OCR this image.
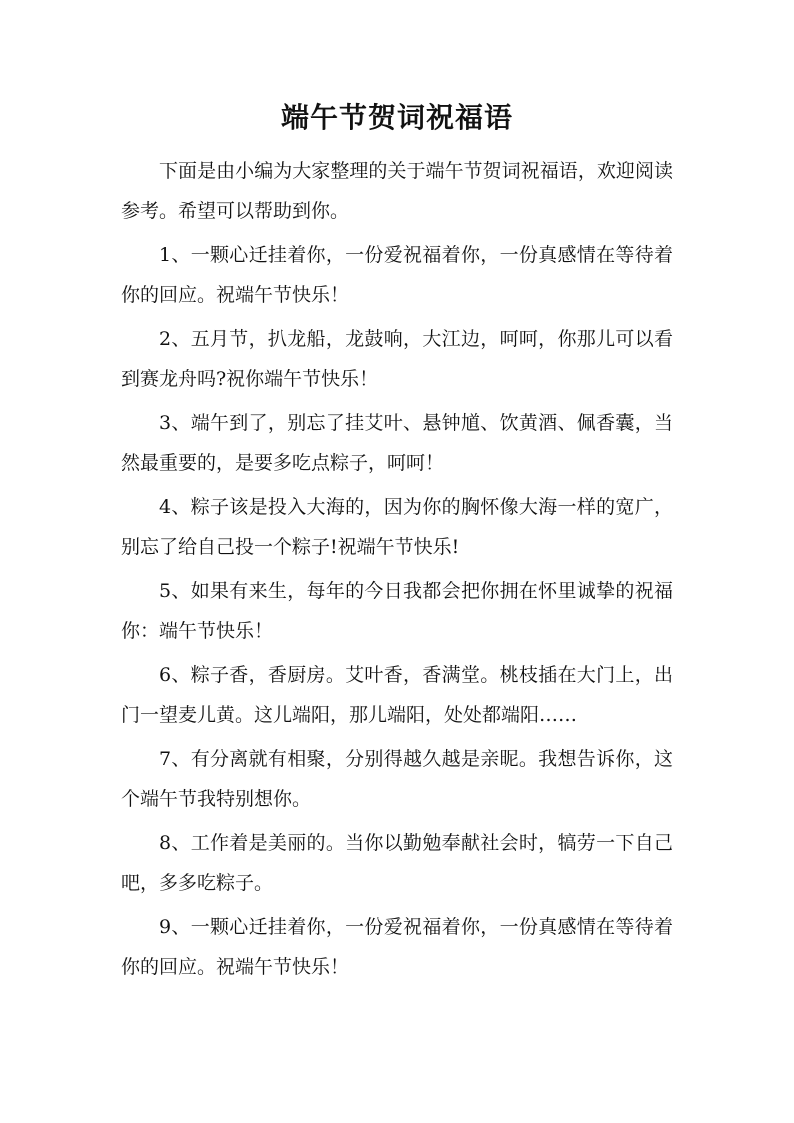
端午节贺词祝福语

下面是由小编为大家整理的关于端午节贺词祝福语，欢迎阅读参考。希望可以帮助到你。

1、一颗心迁挂着你，一份爱祝福着你，一份真感情在等待着你的回应。祝端午节快乐！

2、五月节，扒龙船，龙鼓响，大江边，呵呵，你那儿可以看到赛龙舟吗?祝你端午节快乐！

3、端午到了，别忘了挂艾叶、悬钟馗、饮黄酒、佩香囊，当然最重要的，是要多吃点粽子，呵呵！

4、粽子该是投入大海的，因为你的胸怀像大海一样的宽广，别忘了给自己投一个粽子!祝端午节快乐!

5、如果有来生，每年的今日我都会把你拥在怀里诚挚的祝福你：端午节快乐！

6、粽子香，香厨房。艾叶香，香满堂。桃枝插在大门上，出门一望麦儿黄。这儿端阳，那儿端阳，处处都端阳……

7、有分离就有相聚，分别得越久越是亲昵。我想告诉你，这个端午节我特别想你。

8、工作着是美丽的。当你以勤勉奉献社会时，犒劳一下自己吧，多多吃粽子。

9、一颗心迁挂着你，一份爱祝福着你，一份真感情在等待着你的回应。祝端午节快乐！
